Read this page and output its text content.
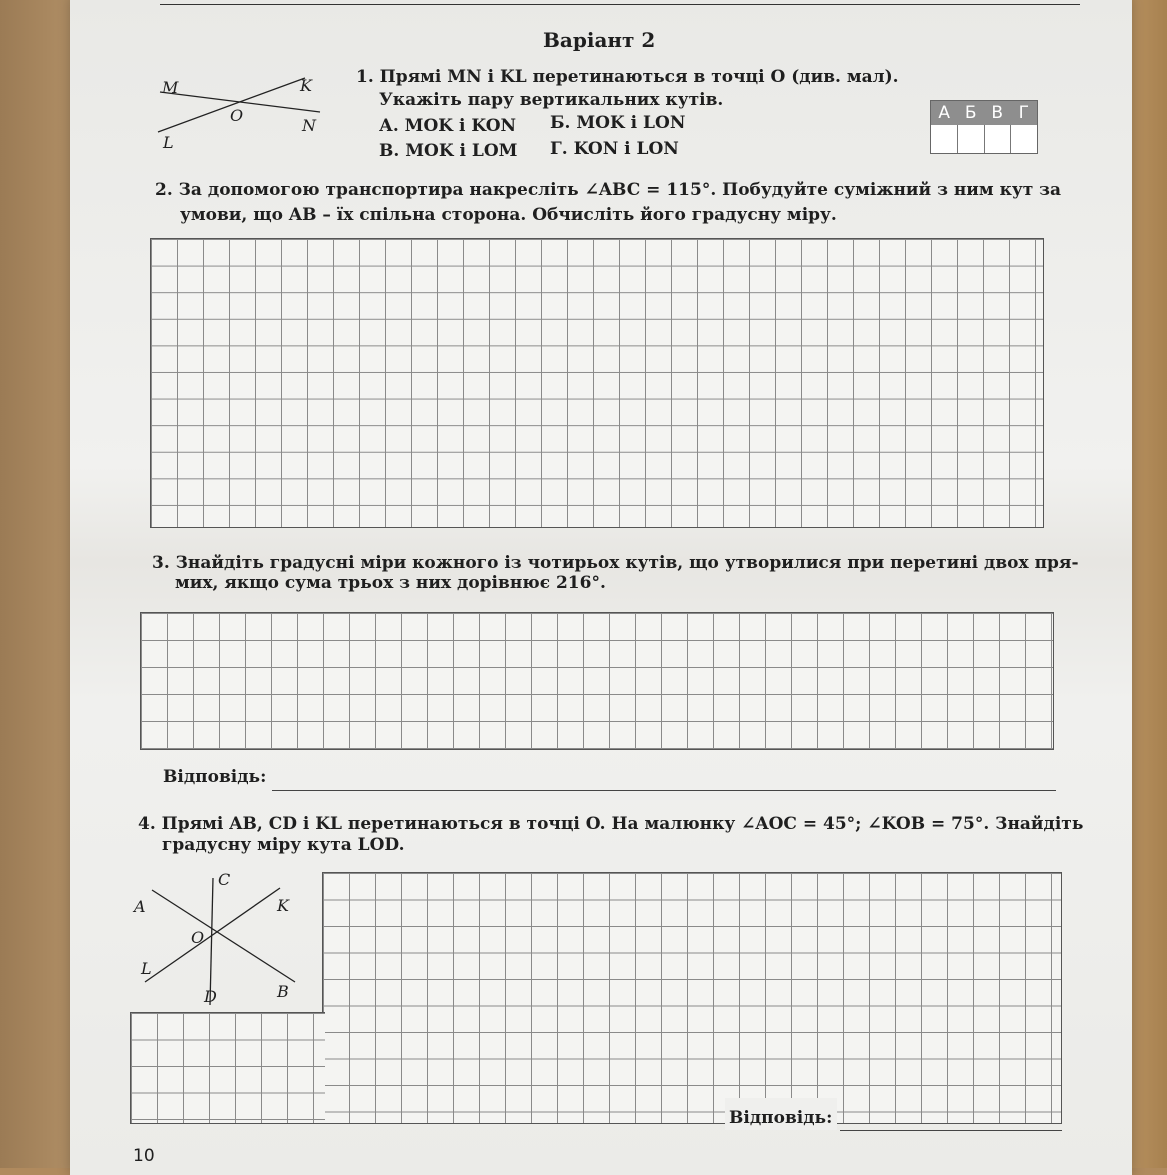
Варіант 2
M	K
O
N
L
1. Прямі MN і KL перетинаються в точці O (див. мал).
Укажіть пару вертикальних кутів.
А. MOK і KON Б. MOK і LON
В. MOK і LOM Г. KON і LON
А Б В Г
2. За допомогою транспортира накресліть ∠ABC = 115°. Побудуйте суміжний з ним кут за
умови, що AB – їх спільна сторона. Обчисліть його градусну міру.
3. Знайдіть градусні міри кожного із чотирьох кутів, що утворилися при перетині двох пря-
мих, якщо сума трьох з них дорівнює 216°.
Відповідь:
4. Прямі AB, CD і KL перетинаються в точці O. На малюнку ∠AOC = 45°; ∠KOB = 75°. Знайдіть
градусну міру кута LOD.
C
A	K
O
L
D	B
Відповідь:
10
